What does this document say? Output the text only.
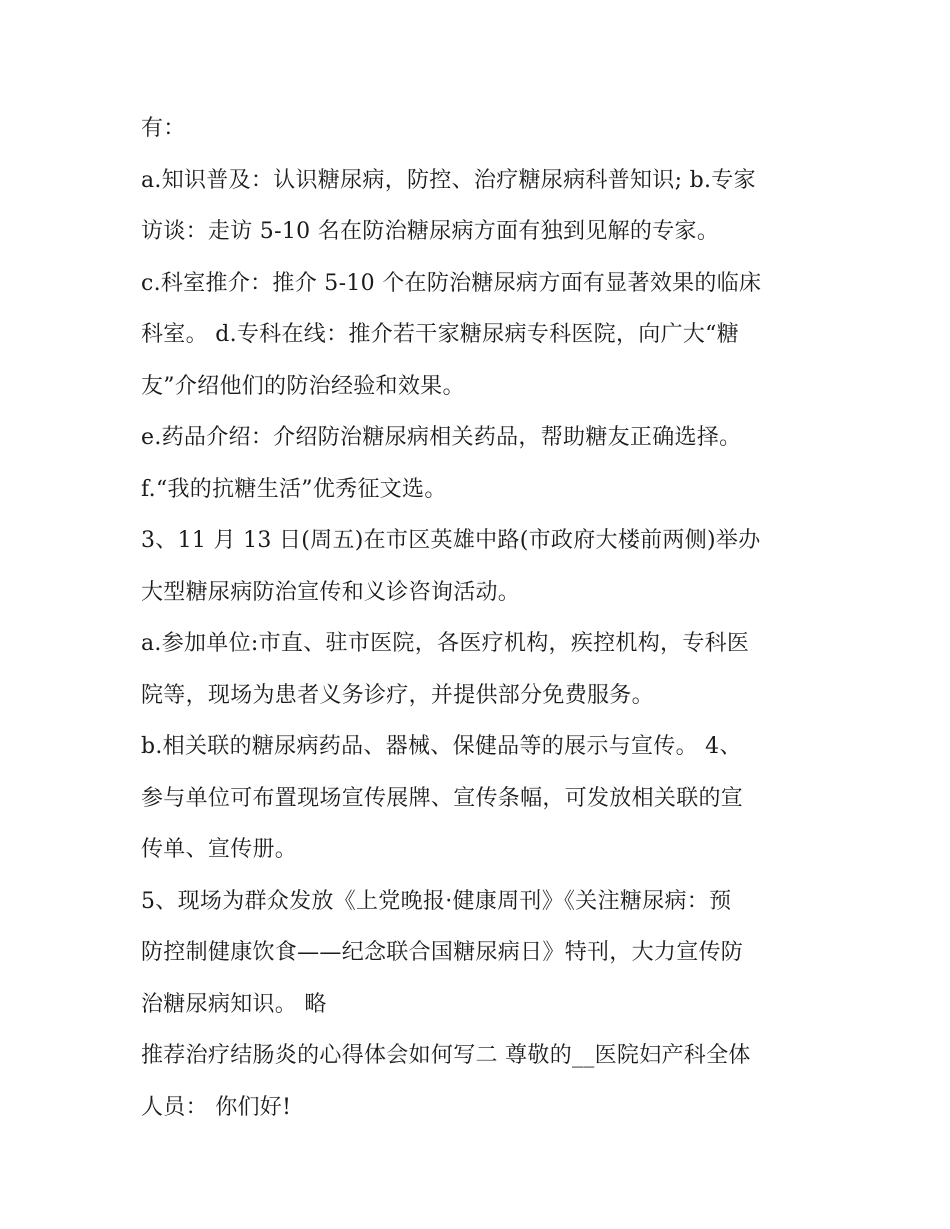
有：
a.知识普及：认识糖尿病，防控、治疗糖尿病科普知识; b.专家
访谈：走访 5-10 名在防治糖尿病方面有独到见解的专家。
c.科室推介：推介 5-10 个在防治糖尿病方面有显著效果的临床
科室。 d.专科在线：推介若干家糖尿病专科医院，向广大“糖
友”介绍他们的防治经验和效果。
e.药品介绍：介绍防治糖尿病相关药品，帮助糖友正确选择。
f.“我的抗糖生活”优秀征文选。
3、11 月 13 日(周五)在市区英雄中路(市政府大楼前两侧)举办
大型糖尿病防治宣传和义诊咨询活动。
a.参加单位:市直、驻市医院，各医疗机构，疾控机构，专科医
院等，现场为患者义务诊疗，并提供部分免费服务。
b.相关联的糖尿病药品、器械、保健品等的展示与宣传。 4、
参与单位可布置现场宣传展牌、宣传条幅，可发放相关联的宣
传单、宣传册。
5、现场为群众发放《上党晚报·健康周刊》《关注糖尿病：预
防控制健康饮食——纪念联合国糖尿病日》特刊，大力宣传防
治糖尿病知识。 略
推荐治疗结肠炎的心得体会如何写二 尊敬的__医院妇产科全体
人员： 你们好!
